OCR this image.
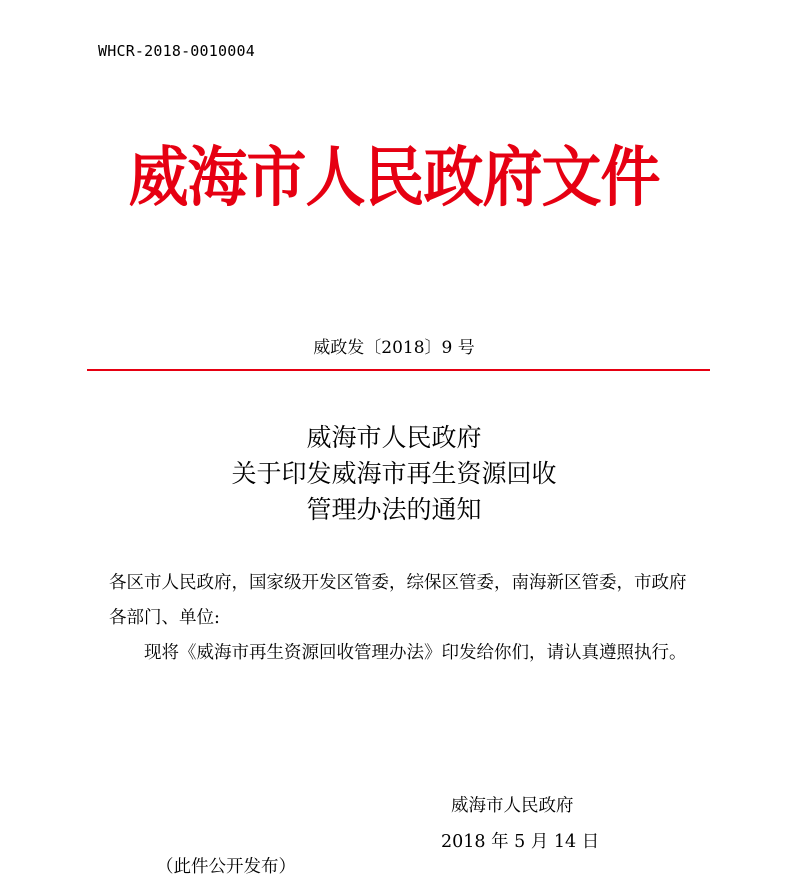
WHCR-2018-0010004
威海市人民政府文件
威政发〔2018〕9 号
威海市人民政府
关于印发威海市再生资源回收
管理办法的通知

各区市人民政府，国家级开发区管委，综保区管委，南海新区管委，市政府各部门、单位:

现将《威海市再生资源回收管理办法》印发给你们，请认真遵照执行。

威海市人民政府
2018 年 5 月 14 日
（此件公开发布）
